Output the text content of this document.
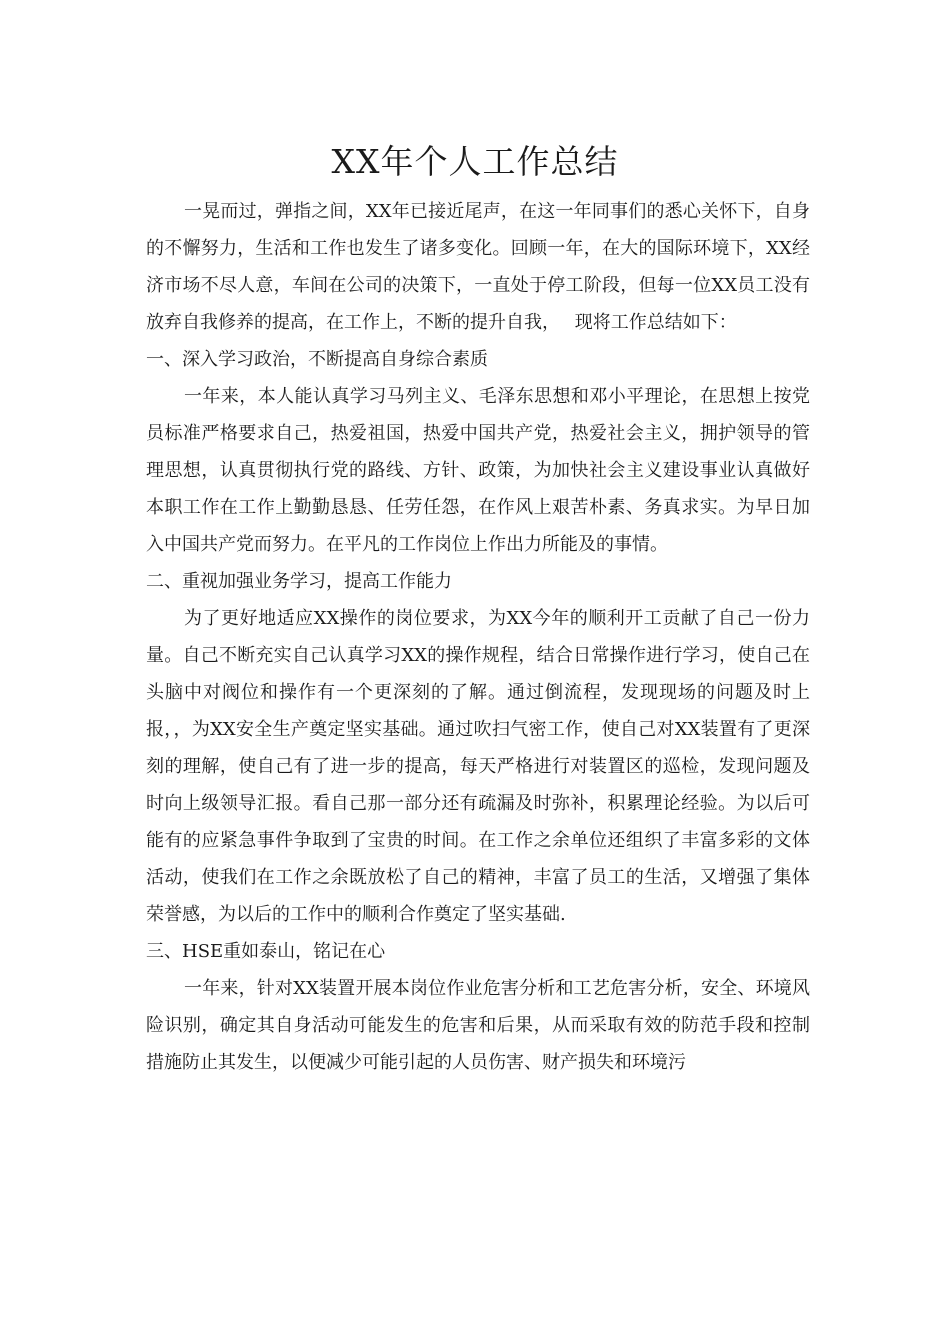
XX年个人工作总结

一晃而过，弹指之间，XX年已接近尾声，在这一年同事们的悉心关怀下，自身的不懈努力，生活和工作也发生了诸多变化。回顾一年，在大的国际环境下，XX经济市场不尽人意，车间在公司的决策下，一直处于停工阶段，但每一位XX员工没有放弃自我修养的提高，在工作上，不断的提升自我，　 现将工作总结如下：

一、深入学习政治，不断提高自身综合素质

一年来，本人能认真学习马列主义、毛泽东思想和邓小平理论，在思想上按党员标准严格要求自己，热爱祖国，热爱中国共产党，热爱社会主义，拥护领导的管理思想，认真贯彻执行党的路线、方针、政策，为加快社会主义建设事业认真做好本职工作在工作上勤勤恳恳、任劳任怨，在作风上艰苦朴素、务真求实。为早日加入中国共产党而努力。在平凡的工作岗位上作出力所能及的事情。

二、重视加强业务学习，提高工作能力

为了更好地适应XX操作的岗位要求，为XX今年的顺利开工贡献了自己一份力量。自己不断充实自己认真学习XX的操作规程，结合日常操作进行学习，使自己在头脑中对阀位和操作有一个更深刻的了解。通过倒流程，发现现场的问题及时上报，，为XX安全生产奠定坚实基础。通过吹扫气密工作，使自己对XX装置有了更深刻的理解，使自己有了进一步的提高，每天严格进行对装置区的巡检，发现问题及时向上级领导汇报。看自己那一部分还有疏漏及时弥补，积累理论经验。为以后可能有的应紧急事件争取到了宝贵的时间。在工作之余单位还组织了丰富多彩的文体活动，使我们在工作之余既放松了自己的精神，丰富了员工的生活，又增强了集体荣誉感，为以后的工作中的顺利合作奠定了坚实基础.

三、HSE重如泰山，铭记在心

一年来，针对XX装置开展本岗位作业危害分析和工艺危害分析，安全、环境风险识别，确定其自身活动可能发生的危害和后果，从而采取有效的防范手段和控制措施防止其发生，以便减少可能引起的人员伤害、财产损失和环境污
